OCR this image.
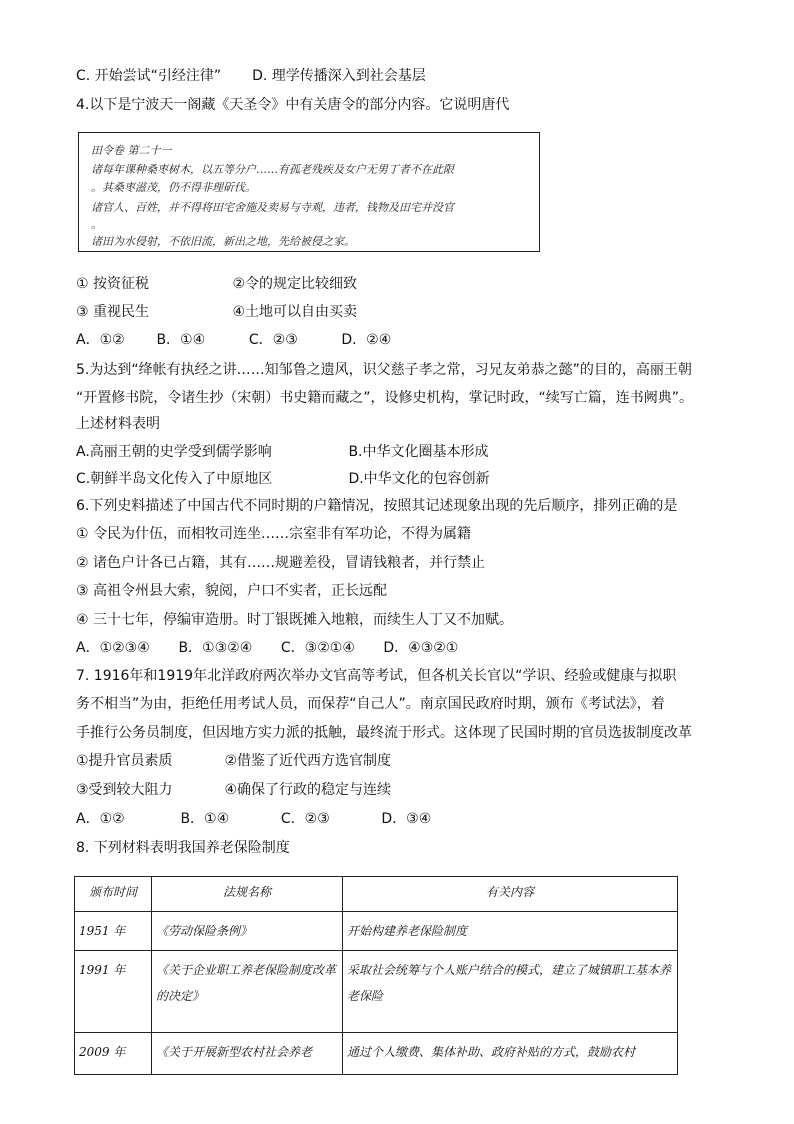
C. 开始尝试“引经注律” D. 理学传播深入到社会基层
4.以下是宁波天一阁藏《天圣令》中有关唐令的部分内容。它说明唐代
田令卷 第二十一
诸每年课种桑枣树木，以五等分户……有孤老残疾及女户无男丁者不在此限
。其桑枣滋茂，仍不得非理斫伐。
诸官人、百姓，并不得将田宅舍施及卖易与寺观，违者，钱物及田宅并没官
。
诸田为水侵射，不依旧流，新出之地，先给被侵之家。
① 按资征税	②令的规定比较细致
③ 重视民生	④土地可以自由买卖
A．①② B．①④	C．②③	D．②④
5.为达到“绛帐有执经之讲……知邹鲁之遗风，识父慈子孝之常，习兄友弟恭之懿”的目的，高丽王朝
“开置修书院，令诸生抄（宋朝）书史籍而藏之”，设修史机构，掌记时政，“续写亡篇，连书阙典”。
上述材料表明
A.高丽王朝的史学受到儒学影响	B.中华文化圈基本形成
C.朝鲜半岛文化传入了中原地区	D.中华文化的包容创新
6.下列史料描述了中国古代不同时期的户籍情况，按照其记述现象出现的先后顺序，排列正确的是
① 令民为什伍，而相牧司连坐……宗室非有军功论，不得为属籍
② 诸色户计各已占籍，其有……规避差役，冒请钱粮者，并行禁止
③ 高祖令州县大索，貌阅，户口不实者，正长远配
④ 三十七年，停编审造册。时丁银既摊入地粮，而续生人丁又不加赋。
A．①②③④ B．①③②④ C．③②①④ D．④③②①
7. 1916年和1919年北洋政府两次举办文官高等考试，但各机关长官以“学识、经验或健康与拟职
务不相当”为由，拒绝任用考试人员，而保荐“自己人”。南京国民政府时期，颁布《考试法》，着
手推行公务员制度，但因地方实力派的抵触，最终流于形式。这体现了民国时期的官员选拔制度改革
①提升官员素质	②借鉴了近代西方选官制度
③受到较大阻力	④确保了行政的稳定与连续
A．①②	B．①④	C．②③	D．③④
8. 下列材料表明我国养老保险制度
颁布时间	法规名称	有关内容
1951 年	《劳动保险条例》	开始构建养老保险制度
1991 年	《关于企业职工养老保险制度改革的决定》	采取社会统筹与个人账户结合的模式，建立了城镇职工基本养老保险
2009 年	《关于开展新型农村社会养老	通过个人缴费、集体补助、政府补贴的方式，鼓励农村
